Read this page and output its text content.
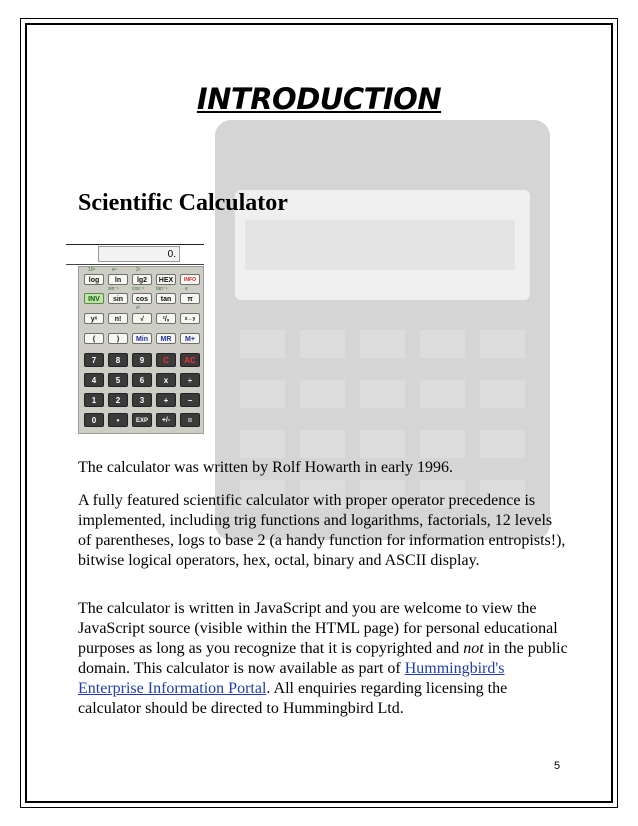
INTRODUCTION
Scientific Calculator
0.
10ˣ	eˣ	2ˣ
sin⁻¹	cos⁻¹ tan⁻¹	e
x²
log	ln	lg2	HEX	INFO
INV	sin	cos	tan	π
yˣ	n!	√	¹/ₓ	x↔y
(	)	Min	MR	M+
7	8	9	C	AC
4	5	6	x	÷
1	2	3	+	−
0	•	EXP	+/-	=

The calculator was written by Rolf Howarth in early 1996.

A fully featured scientific calculator with proper operator precedence is implemented, including trig functions and logarithms, factorials, 12 levels of parentheses, logs to base 2 (a handy function for information entropists!), bitwise logical operators, hex, octal, binary and ASCII display.

The calculator is written in JavaScript and you are welcome to view the JavaScript source (visible within the HTML page) for personal educational purposes as long as you recognize that it is copyrighted and not in the public domain. This calculator is now available as part of Hummingbird's Enterprise Information Portal. All enquiries regarding licensing the calculator should be directed to Hummingbird Ltd.

5
